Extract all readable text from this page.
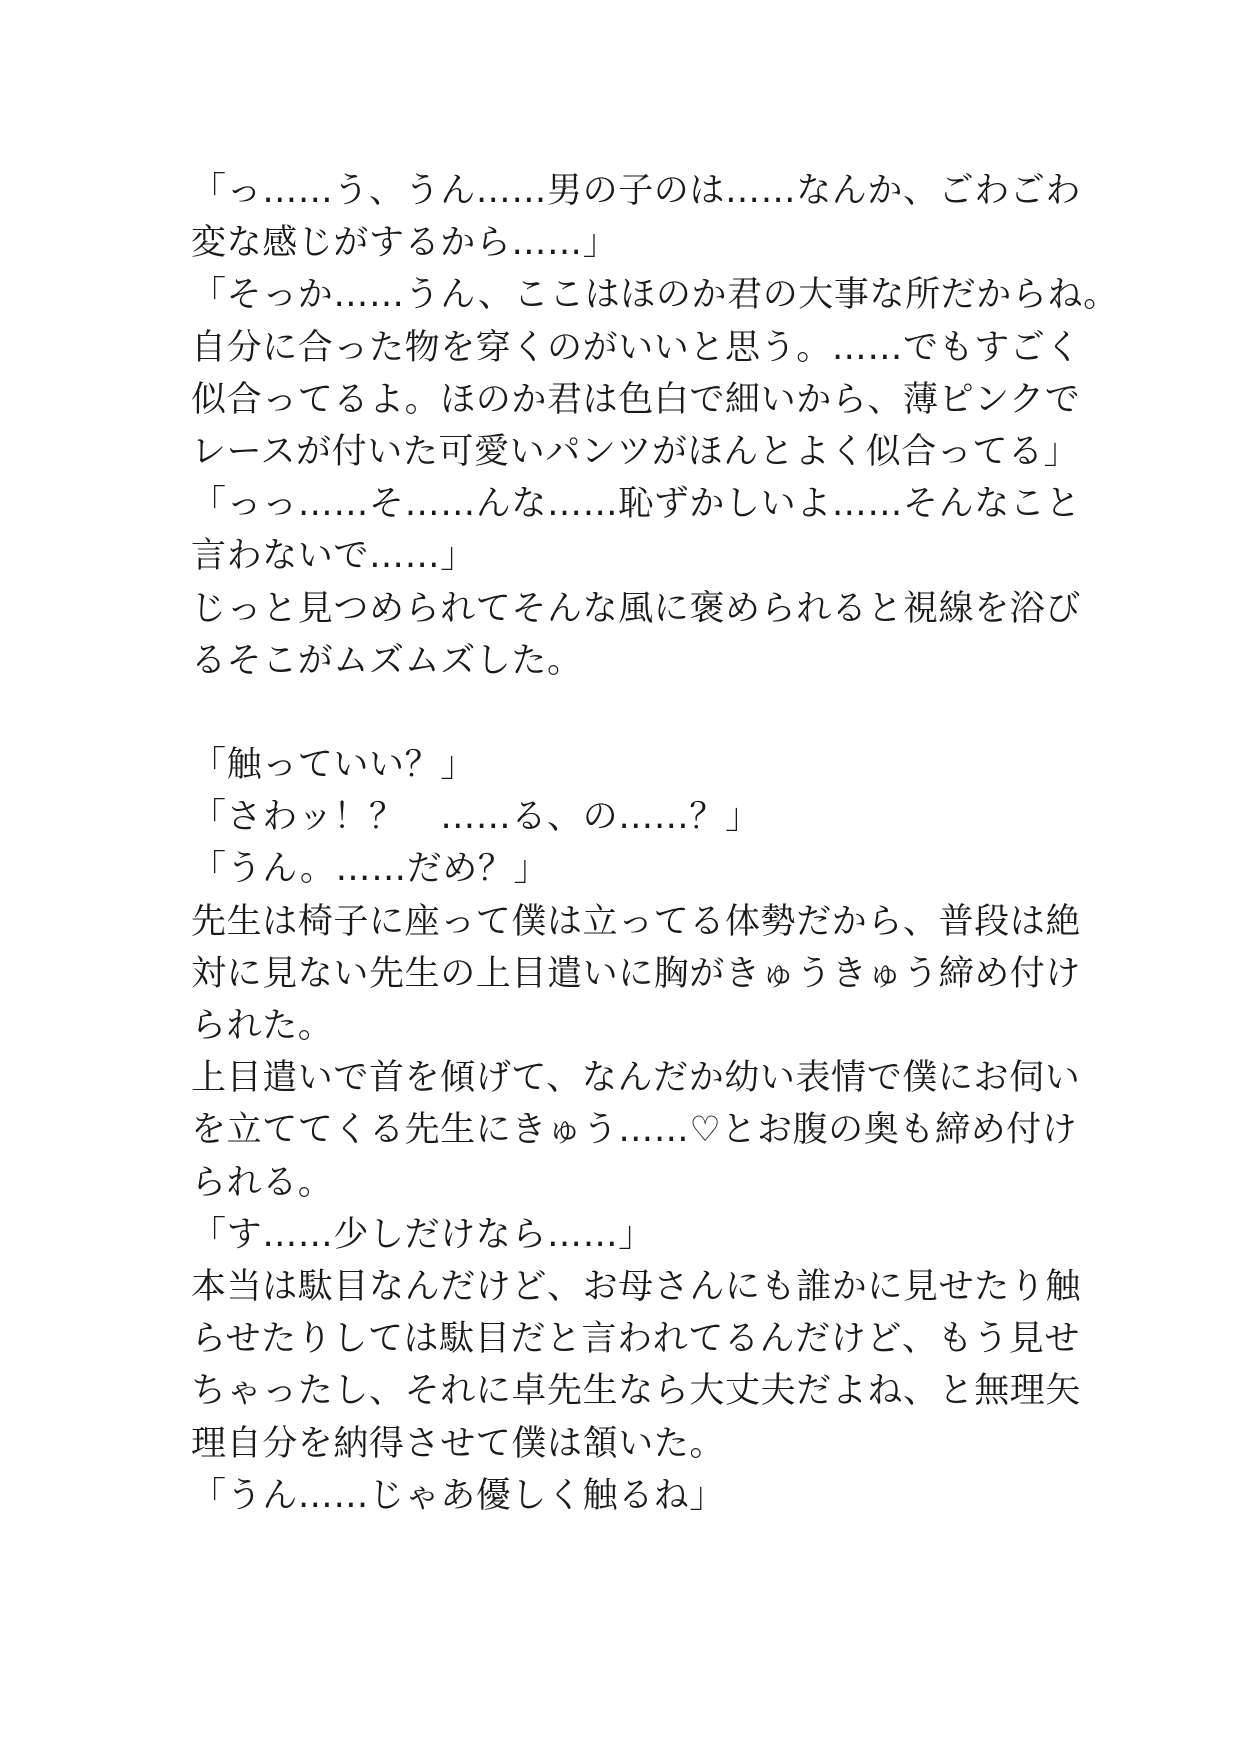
「っ……う、うん……男の子のは……なんか、ごわごわ
変な感じがするから……」
「そっか……うん、ここはほのか君の大事な所だからね。
自分に合った物を穿くのがいいと思う。……でもすごく
似合ってるよ。ほのか君は色白で細いから、薄ピンクで
レースが付いた可愛いパンツがほんとよく似合ってる」
「っっ……そ……んな……恥ずかしいよ……そんなこと
言わないで……」
じっと見つめられてそんな風に褒められると視線を浴び
るそこがムズムズした。
「触っていい？」
「さわッ！？　……る、の……？」
「うん。……だめ？」
先生は椅子に座って僕は立ってる体勢だから、普段は絶
対に見ない先生の上目遣いに胸がきゅうきゅう締め付け
られた。
上目遣いで首を傾げて、なんだか幼い表情で僕にお伺い
を立ててくる先生にきゅう……♡とお腹の奥も締め付け
られる。
「す……少しだけなら……」
本当は駄目なんだけど、お母さんにも誰かに見せたり触
らせたりしては駄目だと言われてるんだけど、もう見せ
ちゃったし、それに卓先生なら大丈夫だよね、と無理矢
理自分を納得させて僕は頷いた。
「うん……じゃあ優しく触るね」
